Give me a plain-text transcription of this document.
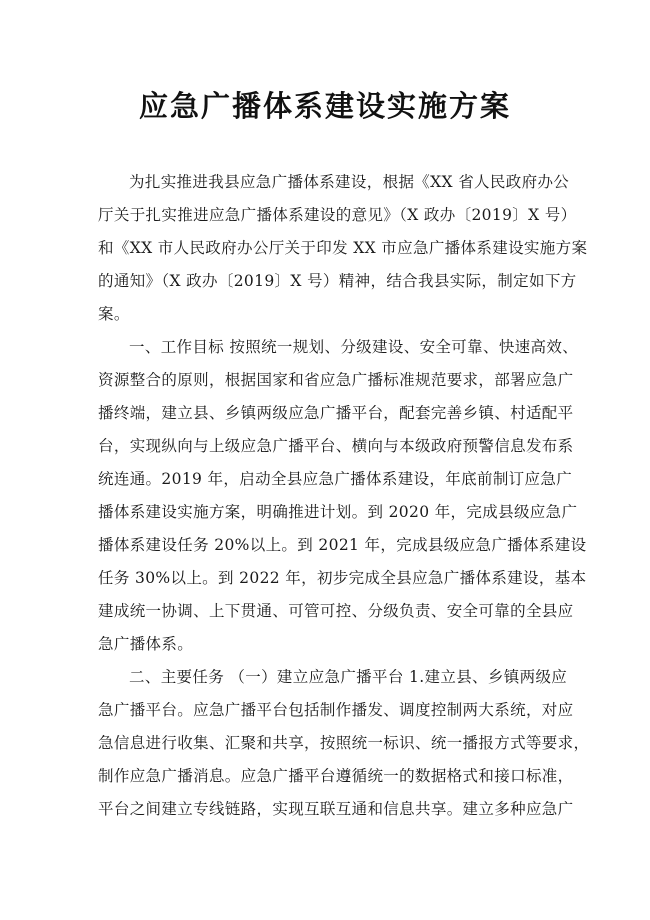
应急广播体系建设实施方案
为扎实推进我县应急广播体系建设，根据《XX 省人民政府办公
厅关于扎实推进应急广播体系建设的意见》（X 政办〔2019〕X 号）
和《XX 市人民政府办公厅关于印发 XX 市应急广播体系建设实施方案
的通知》（X 政办〔2019〕X 号）精神，结合我县实际，制定如下方
案。
一、工作目标 按照统一规划、分级建设、安全可靠、快速高效、
资源整合的原则，根据国家和省应急广播标准规范要求，部署应急广
播终端，建立县、乡镇两级应急广播平台，配套完善乡镇、村适配平
台，实现纵向与上级应急广播平台、横向与本级政府预警信息发布系
统连通。2019 年，启动全县应急广播体系建设，年底前制订应急广
播体系建设实施方案，明确推进计划。到 2020 年，完成县级应急广
播体系建设任务 20%以上。到 2021 年，完成县级应急广播体系建设
任务 30%以上。到 2022 年，初步完成全县应急广播体系建设，基本
建成统一协调、上下贯通、可管可控、分级负责、安全可靠的全县应
急广播体系。
二、主要任务 （一）建立应急广播平台 1.建立县、乡镇两级应
急广播平台。应急广播平台包括制作播发、调度控制两大系统，对应
急信息进行收集、汇聚和共享，按照统一标识、统一播报方式等要求，
制作应急广播消息。应急广播平台遵循统一的数据格式和接口标准，
平台之间建立专线链路，实现互联互通和信息共享。建立多种应急广
